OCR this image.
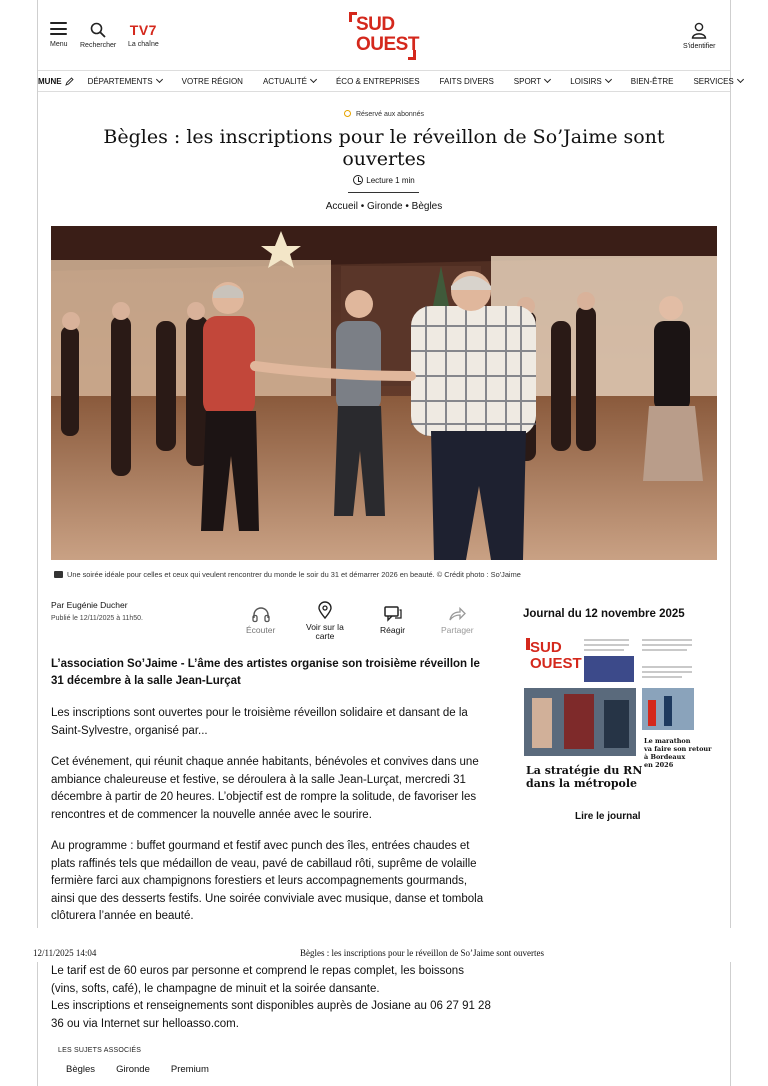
Menu Rechercher
TV7
La chaîne
SUD
OUEST	S'identifier
MUNE	DÉPARTEMENTS	VOTRE RÉGION	ACTUALITÉ	ÉCO & ENTREPRISES	FAITS DIVERS	SPORT	LOISIRS	BIEN-ÊTRE	SERVICES
Réservé aux abonnés
Bègles : les inscriptions pour le réveillon de So’Jaime sont ouvertes
Lecture 1 min
Accueil • Gironde • Bègles
Une soirée idéale pour celles et ceux qui veulent rencontrer du monde le soir du 31 et démarrer 2026 en beauté. © Crédit photo : So'Jaime
Par Eugénie Ducher
Publié le 12/11/2025 à 11h50.
Écouter	Voir sur la
carte
Réagir	Partager

L’association So’Jaime - L’âme des artistes organise son troisième réveillon le 31 décembre à la salle Jean-Lurçat

Les inscriptions sont ouvertes pour le troisième réveillon solidaire et dansant de la Saint-Sylvestre, organisé par...

Cet événement, qui réunit chaque année habitants, bénévoles et convives dans une ambiance chaleureuse et festive, se déroulera à la salle Jean-Lurçat, mercredi 31 décembre à partir de 20 heures. L’objectif est de rompre la solitude, de favoriser les rencontres et de commencer la nouvelle année avec le sourire.

Au programme : buffet gourmand et festif avec punch des îles, entrées chaudes et plats raffinés tels que médaillon de veau, pavé de cabillaud rôti, suprême de volaille fermière farci aux champignons forestiers et leurs accompagnements gourmands, ainsi que des desserts festifs. Une soirée conviviale avec musique, danse et tombola clôturera l’année en beauté.

Le tarif est de 60 euros par personne et comprend le repas complet, les boissons (vins, softs, café), le champagne de minuit et la soirée dansante.

Les inscriptions et renseignements sont disponibles auprès de Josiane au 06 27 91 28 36 ou via Internet sur helloasso.com.

Journal du 12 novembre 2025
SUD
OUEST
Le marathon
va faire son retour
à Bordeaux
en 2026
La stratégie du RN
dans la métropole
Lire le journal
12/11/2025 14:04	Bègles : les inscriptions pour le réveillon de So’Jaime sont ouvertes
LES SUJETS ASSOCIÉS
Bègles Gironde Premium
